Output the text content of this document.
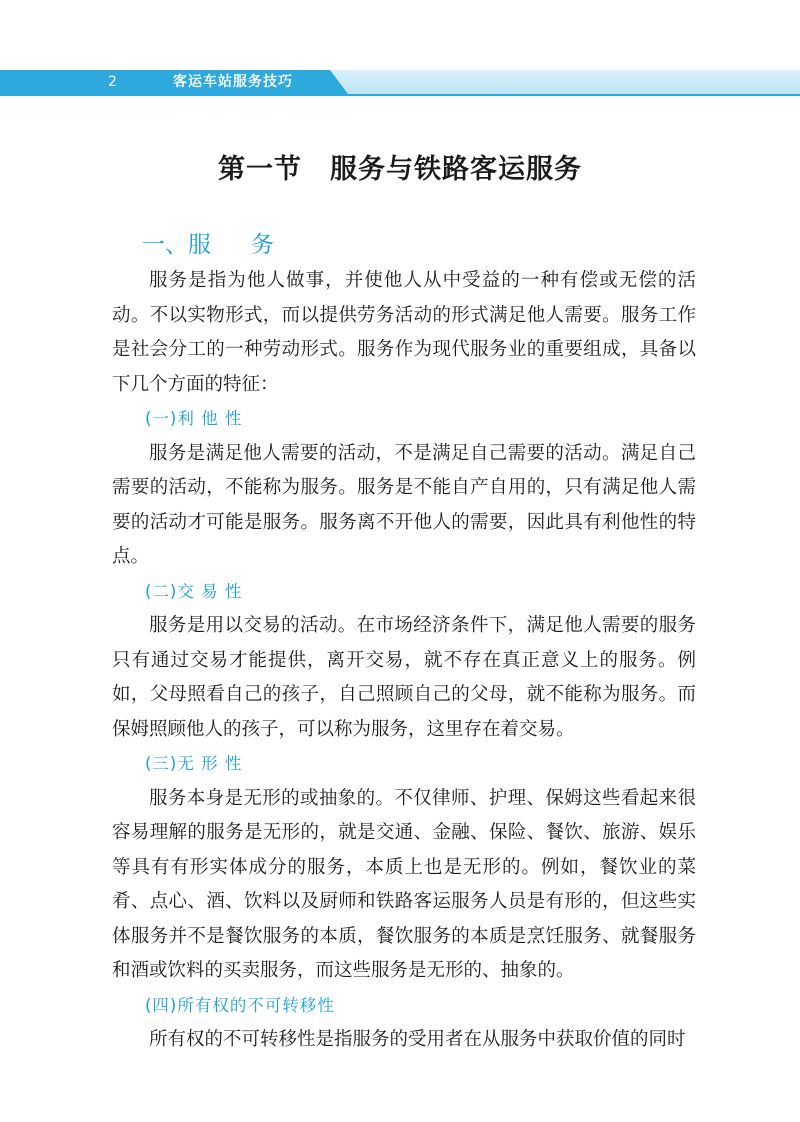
2	客运车站服务技巧
第一节　服务与铁路客运服务
一、服 务

服务是指为他人做事，并使他人从中受益的一种有偿或无偿的活动。不以实物形式，而以提供劳务活动的形式满足他人需要。服务工作是社会分工的一种劳动形式。服务作为现代服务业的重要组成，具备以下几个方面的特征：

(一)利 他 性

服务是满足他人需要的活动，不是满足自己需要的活动。满足自己需要的活动，不能称为服务。服务是不能自产自用的，只有满足他人需要的活动才可能是服务。服务离不开他人的需要，因此具有利他性的特点。

(二)交 易 性

服务是用以交易的活动。在市场经济条件下，满足他人需要的服务只有通过交易才能提供，离开交易，就不存在真正意义上的服务。例如，父母照看自己的孩子，自己照顾自己的父母，就不能称为服务。而保姆照顾他人的孩子，可以称为服务，这里存在着交易。

(三)无 形 性

服务本身是无形的或抽象的。不仅律师、护理、保姆这些看起来很容易理解的服务是无形的，就是交通、金融、保险、餐饮、旅游、娱乐等具有有形实体成分的服务，本质上也是无形的。例如，餐饮业的菜肴、点心、酒、饮料以及厨师和铁路客运服务人员是有形的，但这些实体服务并不是餐饮服务的本质，餐饮服务的本质是烹饪服务、就餐服务和酒或饮料的买卖服务，而这些服务是无形的、抽象的。

(四)所有权的不可转移性

所有权的不可转移性是指服务的受用者在从服务中获取价值的同时
